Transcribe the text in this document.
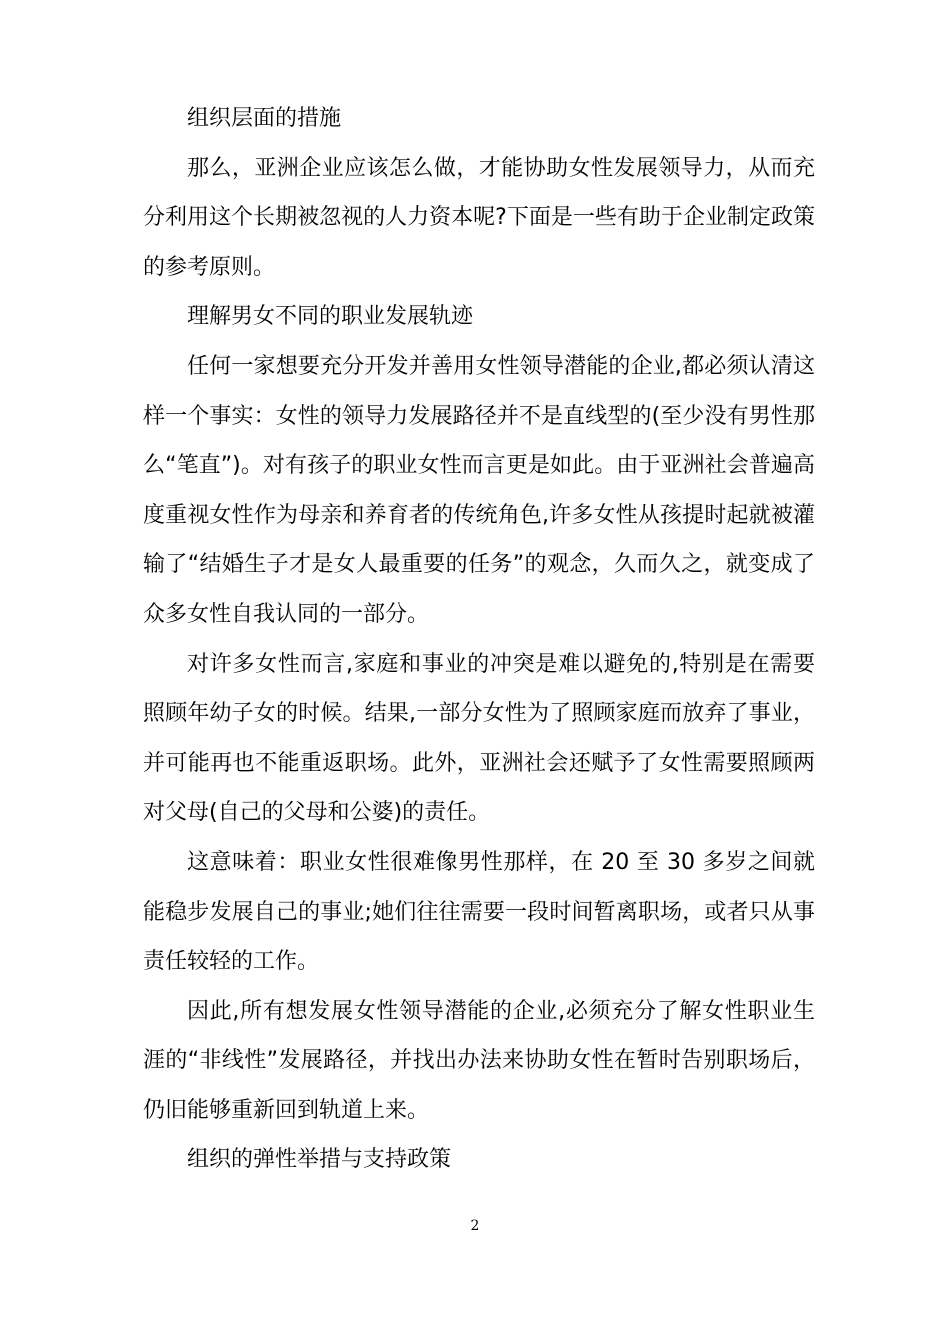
组织层面的措施

那么，亚洲企业应该怎么做，才能协助女性发展领导力，从而充分利用这个长期被忽视的人力资本呢?下面是一些有助于企业制定政策的参考原则。

理解男女不同的职业发展轨迹

任何一家想要充分开发并善用女性领导潜能的企业,都必须认清这样一个事实：女性的领导力发展路径并不是直线型的(至少没有男性那么“笔直”)。对有孩子的职业女性而言更是如此。由于亚洲社会普遍高度重视女性作为母亲和养育者的传统角色,许多女性从孩提时起就被灌输了“结婚生子才是女人最重要的任务”的观念，久而久之，就变成了众多女性自我认同的一部分。

对许多女性而言,家庭和事业的冲突是难以避免的,特别是在需要照顾年幼子女的时候。结果,一部分女性为了照顾家庭而放弃了事业，并可能再也不能重返职场。此外，亚洲社会还赋予了女性需要照顾两对父母(自己的父母和公婆)的责任。

这意味着：职业女性很难像男性那样，在 20 至 30 多岁之间就能稳步发展自己的事业;她们往往需要一段时间暂离职场，或者只从事责任较轻的工作。

因此,所有想发展女性领导潜能的企业,必须充分了解女性职业生涯的“非线性”发展路径，并找出办法来协助女性在暂时告别职场后，仍旧能够重新回到轨道上来。

组织的弹性举措与支持政策

2
